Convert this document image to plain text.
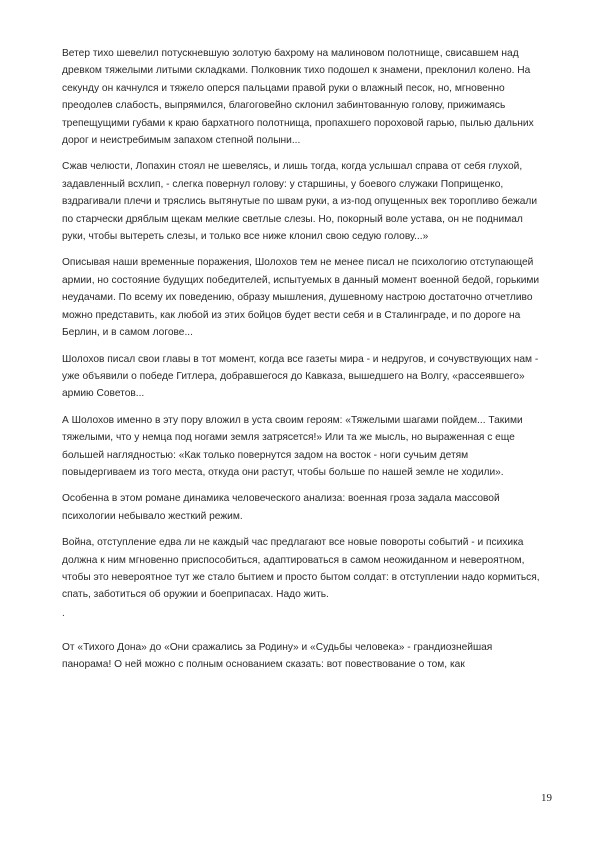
Ветер тихо шевелил потускневшую золотую бахрому на малиновом полотнище, свисавшем над древком тяжелыми литыми складками. Полковник тихо подошел к знамени, преклонил колено. На секунду он качнулся и тяжело оперся пальцами правой руки о влажный песок, но, мгновенно преодолев слабость, выпрямился, благоговейно склонил забинтованную голову, прижимаясь трепещущими губами к краю бархатного полотнища, пропахшего пороховой гарью, пылью дальних дорог и неистребимым запахом степной полыни...

Сжав челюсти, Лопахин стоял не шевелясь, и лишь тогда, когда услышал справа от себя глухой, задавленный всхлип, - слегка повернул голову: у старшины, у боевого служаки Поприщенко, вздрагивали плечи и тряслись вытянутые по швам руки, а из-под опущенных век торопливо бежали по старчески дряблым щекам мелкие светлые слезы. Но, покорный воле устава, он не поднимал руки, чтобы вытереть слезы, и только все ниже клонил свою седую голову...»

Описывая наши временные поражения, Шолохов тем не менее писал не психологию отступающей армии, но состояние будущих победителей, испытуемых в данный момент военной бедой, горькими неудачами. По всему их поведению, образу мышления, душевному настрою достаточно отчетливо можно представить, как любой из этих бойцов будет вести себя и в Сталинграде, и по дороге на Берлин, и в самом логове...

Шолохов писал свои главы в тот момент, когда все газеты мира - и недругов, и сочувствующих нам - уже объявили о победе Гитлера, добравшегося до Кавказа, вышедшего на Волгу, «рассеявшего» армию Советов...

А Шолохов именно в эту пору вложил в уста своим героям: «Тяжелыми шагами пойдем... Такими тяжелыми, что у немца под ногами земля затрясется!» Или та же мысль, но выраженная с еще большей наглядностью: «Как только повернутся задом на восток - ноги сучьим детям повыдергиваем из того места, откуда они растут, чтобы больше по нашей земле не ходили».

Особенна в этом романе динамика человеческого анализа: военная гроза задала массовой психологии небывало жесткий режим.

Война, отступление едва ли не каждый час предлагают все новые повороты событий - и психика должна к ним мгновенно приспособиться, адаптироваться в самом неожиданном и невероятном, чтобы это невероятное тут же стало бытием и просто бытом солдат: в отступлении надо кормиться, спать, заботиться об оружии и боеприпасах. Надо жить.

.

От «Тихого Дона» до «Они сражались за Родину» и «Судьбы человека» - грандиознейшая панорама! О ней можно с полным основанием сказать: вот повествование о том, как

19
